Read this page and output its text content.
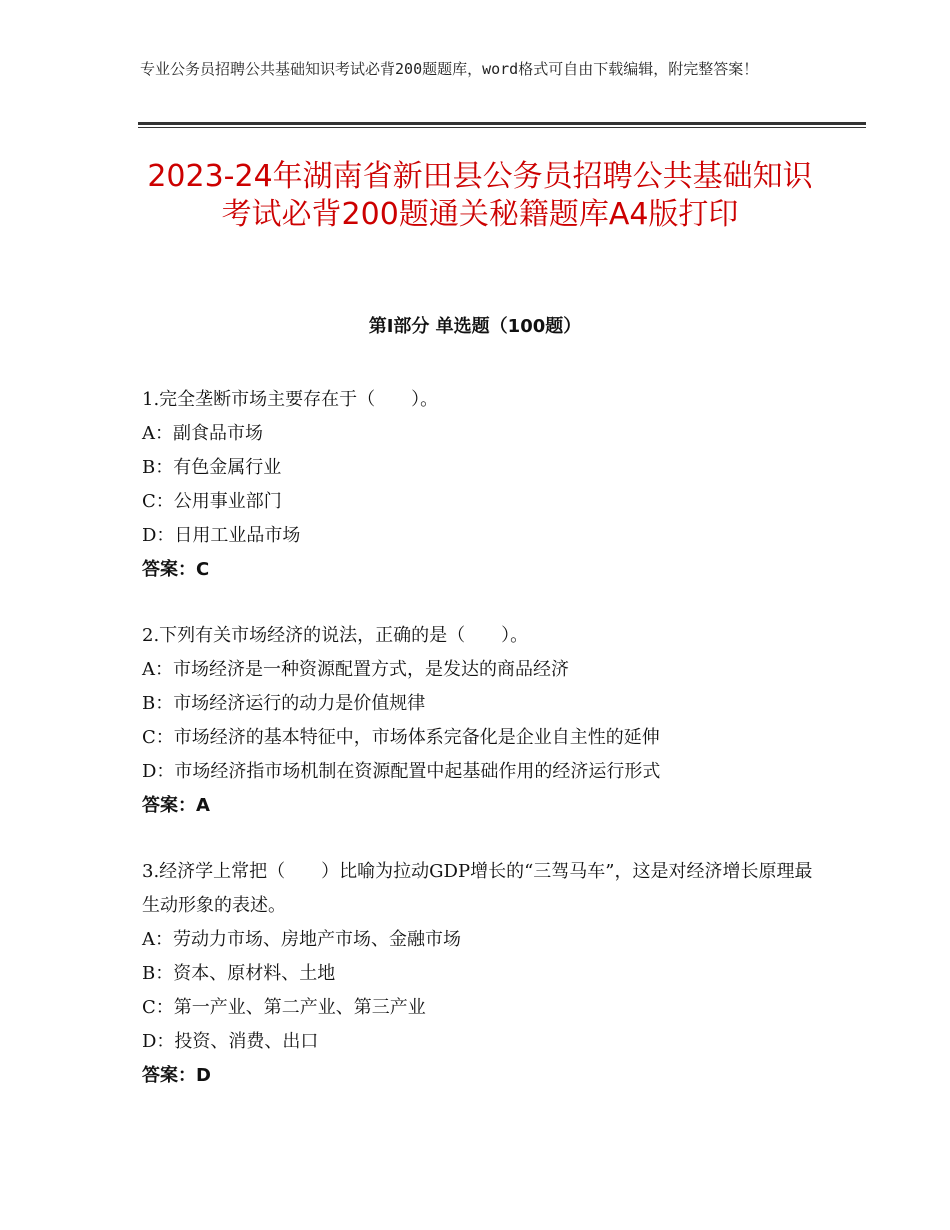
专业公务员招聘公共基础知识考试必背200题题库，word格式可自由下载编辑，附完整答案！
2023-24年湖南省新田县公务员招聘公共基础知识考试必背200题通关秘籍题库A4版打印
第Ⅰ部分 单选题（100题）
1.完全垄断市场主要存在于（　　）。
A：副食品市场
B：有色金属行业
C：公用事业部门
D：日用工业品市场
答案：C
2.下列有关市场经济的说法，正确的是（　　）。
A：市场经济是一种资源配置方式，是发达的商品经济
B：市场经济运行的动力是价值规律
C：市场经济的基本特征中，市场体系完备化是企业自主性的延伸
D：市场经济指市场机制在资源配置中起基础作用的经济运行形式
答案：A
3.经济学上常把（　　）比喻为拉动GDP增长的“三驾马车”，这是对经济增长原理最生动形象的表述。
A：劳动力市场、房地产市场、金融市场
B：资本、原材料、土地
C：第一产业、第二产业、第三产业
D：投资、消费、出口
答案：D
